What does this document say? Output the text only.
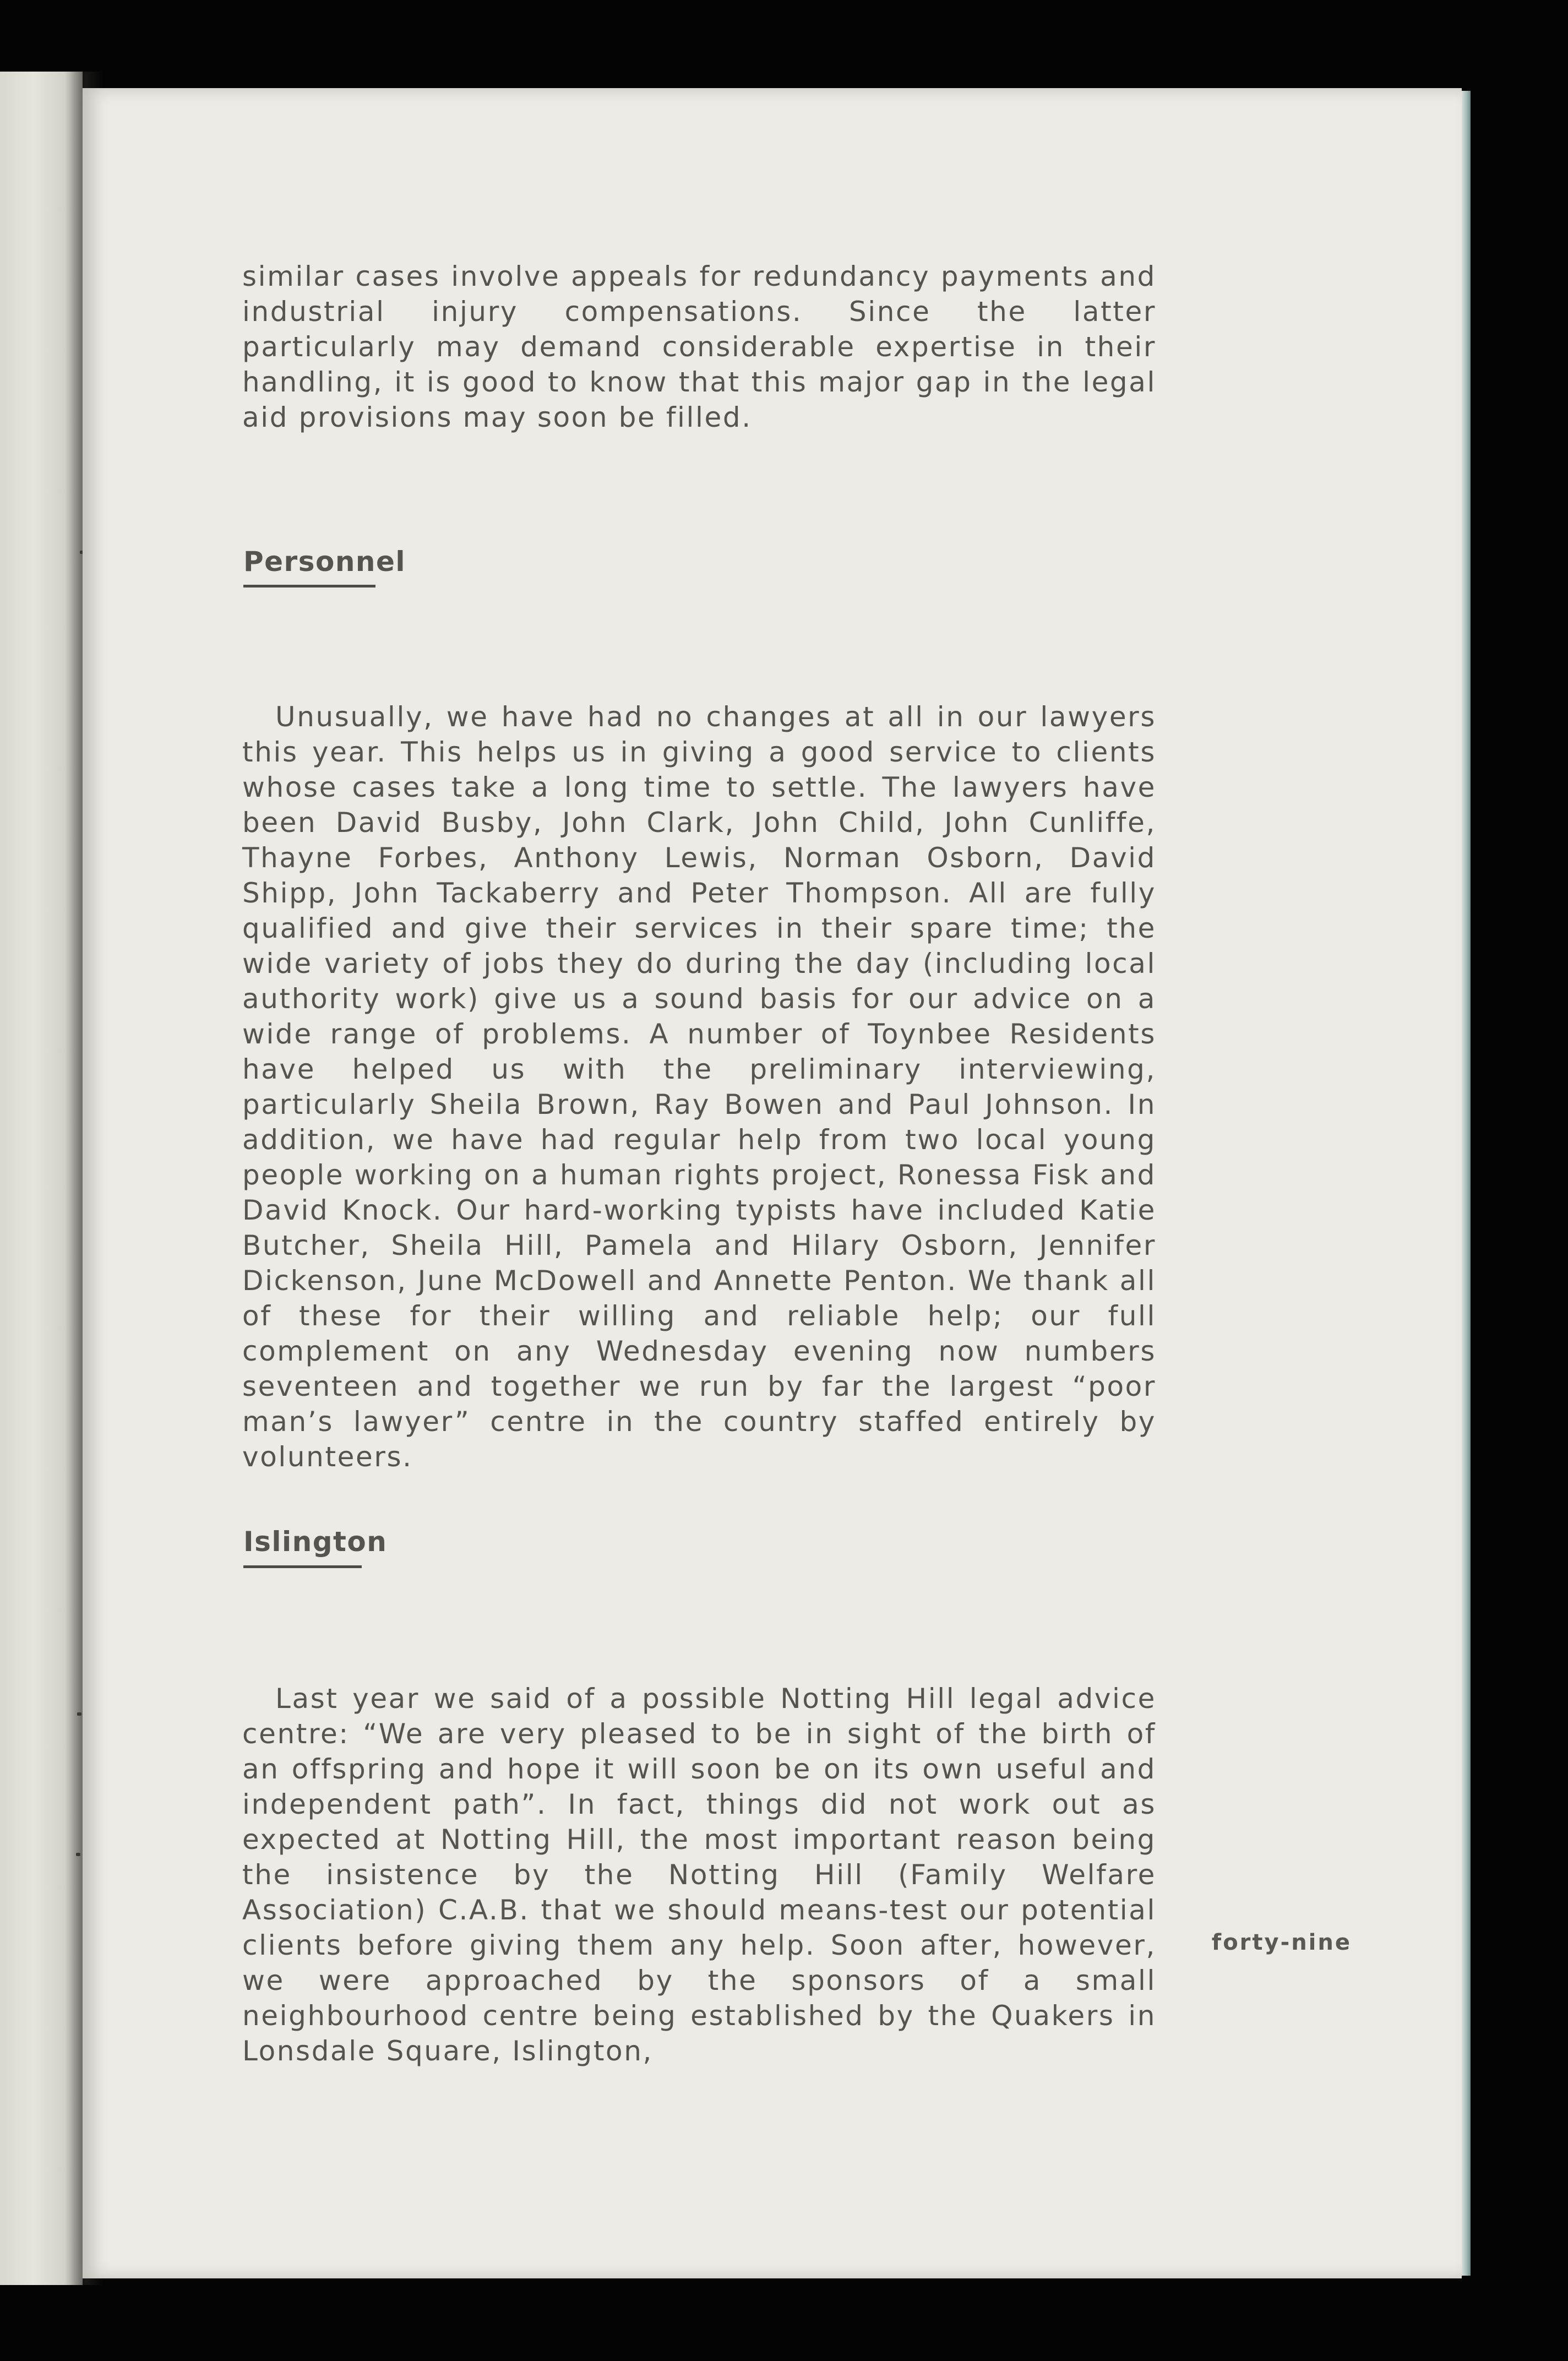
similar cases involve appeals for redundancy payments and industrial injury compensations. Since the latter particularly may demand considerable expertise in their handling, it is good to know that this major gap in the legal aid provisions may soon be filled.

Personnel

Unusually, we have had no changes at all in our lawyers this year. This helps us in giving a good service to clients whose cases take a long time to settle. The lawyers have been David Busby, John Clark, John Child, John Cunliffe, Thayne Forbes, Anthony Lewis, Norman Osborn, David Shipp, John Tackaberry and Peter Thompson. All are fully qualified and give their services in their spare time; the wide variety of jobs they do during the day (including local authority work) give us a sound basis for our advice on a wide range of problems. A number of Toynbee Residents have helped us with the preliminary interviewing, particularly Sheila Brown, Ray Bowen and Paul Johnson. In addition, we have had regular help from two local young people working on a human rights project, Ronessa Fisk and David Knock. Our hard-working typists have included Katie Butcher, Sheila Hill, Pamela and Hilary Osborn, Jennifer Dickenson, June McDowell and Annette Penton. We thank all of these for their willing and reliable help; our full complement on any Wednesday evening now numbers seventeen and together we run by far the largest “poor man’s lawyer” centre in the country staffed entirely by volunteers.

Islington

Last year we said of a possible Notting Hill legal advice centre: “We are very pleased to be in sight of the birth of an offspring and hope it will soon be on its own useful and independent path”. In fact, things did not work out as expected at Notting Hill, the most important reason being the insistence by the Notting Hill (Family Welfare Association) C.A.B. that we should means-test our potential clients before giving them any help. Soon after, however, we were approached by the sponsors of a small neighbourhood centre being established by the Quakers in Lonsdale Square, Islington,

forty-nine
